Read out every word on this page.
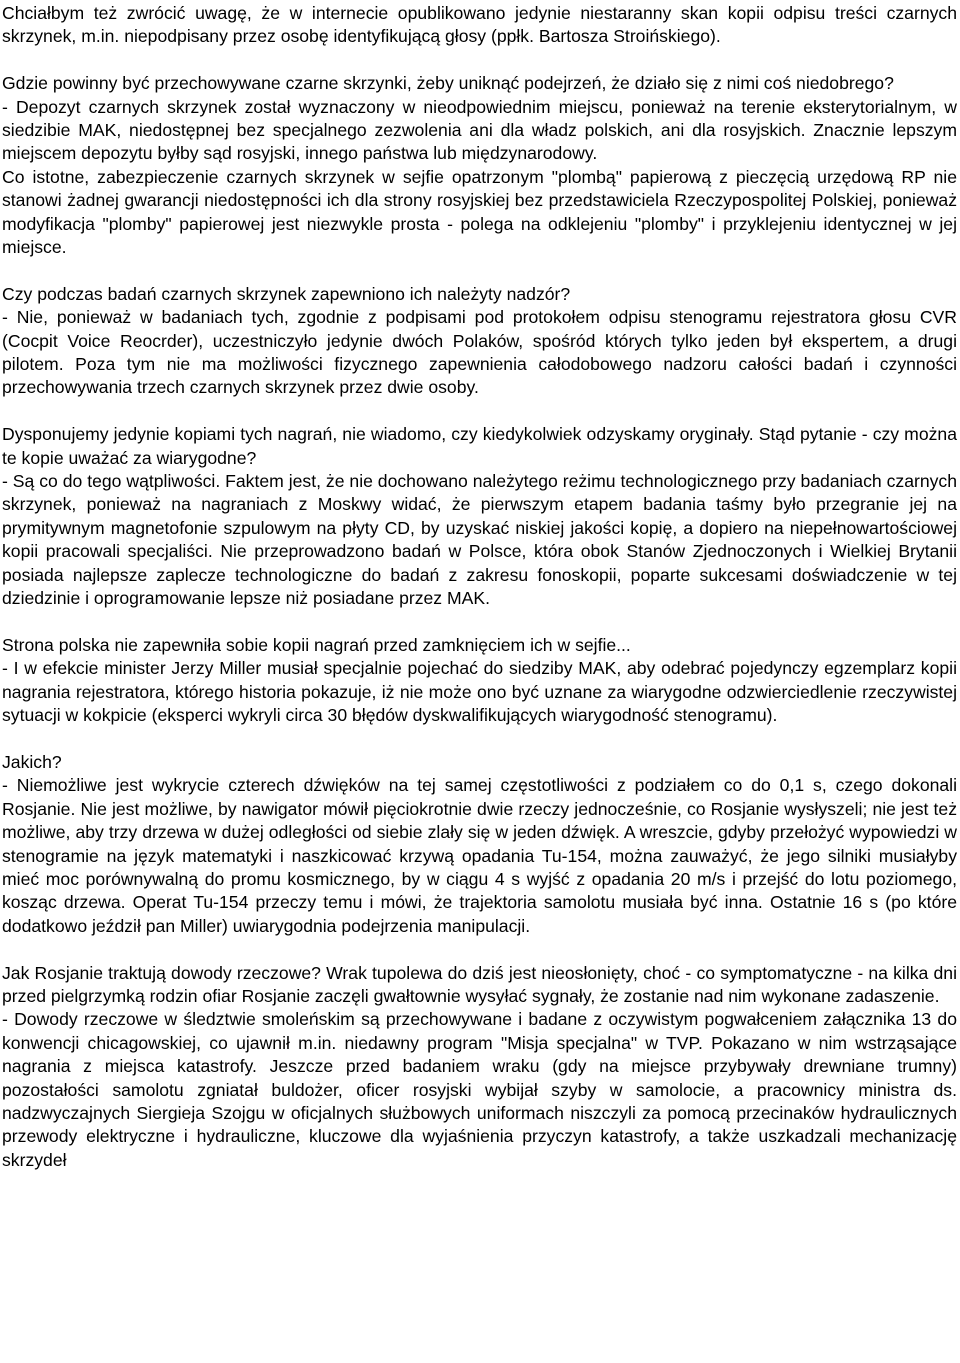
Chciałbym też zwrócić uwagę, że w internecie opublikowano jedynie niestaranny skan kopii odpisu treści czarnych skrzynek, m.in. niepodpisany przez osobę identyfikującą głosy (ppłk. Bartosza Stroińskiego).

Gdzie powinny być przechowywane czarne skrzynki, żeby uniknąć podejrzeń, że działo się z nimi coś niedobrego?

- Depozyt czarnych skrzynek został wyznaczony w nieodpowiednim miejscu, ponieważ na terenie eksterytorialnym, w siedzibie MAK, niedostępnej bez specjalnego zezwolenia ani dla władz polskich, ani dla rosyjskich. Znacznie lepszym miejscem depozytu byłby sąd rosyjski, innego państwa lub międzynarodowy.

Co istotne, zabezpieczenie czarnych skrzynek w sejfie opatrzonym "plombą" papierową z pieczęcią urzędową RP nie stanowi żadnej gwarancji niedostępności ich dla strony rosyjskiej bez przedstawiciela Rzeczypospolitej Polskiej, ponieważ modyfikacja "plomby" papierowej jest niezwykle prosta - polega na odklejeniu "plomby" i przyklejeniu identycznej w jej miejsce.

Czy podczas badań czarnych skrzynek zapewniono ich należyty nadzór?

- Nie, ponieważ w badaniach tych, zgodnie z podpisami pod protokołem odpisu stenogramu rejestratora głosu CVR (Cocpit Voice Reocrder), uczestniczyło jedynie dwóch Polaków, spośród których tylko jeden był ekspertem, a drugi pilotem. Poza tym nie ma możliwości fizycznego zapewnienia całodobowego nadzoru całości badań i czynności przechowywania trzech czarnych skrzynek przez dwie osoby.

Dysponujemy jedynie kopiami tych nagrań, nie wiadomo, czy kiedykolwiek odzyskamy oryginały. Stąd pytanie - czy można te kopie uważać za wiarygodne?

- Są co do tego wątpliwości. Faktem jest, że nie dochowano należytego reżimu technologicznego przy badaniach czarnych skrzynek, ponieważ na nagraniach z Moskwy widać, że pierwszym etapem badania taśmy było przegranie jej na prymitywnym magnetofonie szpulowym na płyty CD, by uzyskać niskiej jakości kopię, a dopiero na niepełnowartościowej kopii pracowali specjaliści. Nie przeprowadzono badań w Polsce, która obok Stanów Zjednoczonych i Wielkiej Brytanii posiada najlepsze zaplecze technologiczne do badań z zakresu fonoskopii, poparte sukcesami doświadczenie w tej dziedzinie i oprogramowanie lepsze niż posiadane przez MAK.

Strona polska nie zapewniła sobie kopii nagrań przed zamknięciem ich w sejfie...

- I w efekcie minister Jerzy Miller musiał specjalnie pojechać do siedziby MAK, aby odebrać pojedynczy egzemplarz kopii nagrania rejestratora, którego historia pokazuje, iż nie może ono być uznane za wiarygodne odzwierciedlenie rzeczywistej sytuacji w kokpicie (eksperci wykryli circa 30 błędów dyskwalifikujących wiarygodność stenogramu).

Jakich?

- Niemożliwe jest wykrycie czterech dźwięków na tej samej częstotliwości z podziałem co do 0,1 s, czego dokonali Rosjanie. Nie jest możliwe, by nawigator mówił pięciokrotnie dwie rzeczy jednocześnie, co Rosjanie wysłyszeli; nie jest też możliwe, aby trzy drzewa w dużej odległości od siebie zlały się w jeden dźwięk. A wreszcie, gdyby przełożyć wypowiedzi w stenogramie na język matematyki i naszkicować krzywą opadania Tu-154, można zauważyć, że jego silniki musiałyby mieć moc porównywalną do promu kosmicznego, by w ciągu 4 s wyjść z opadania 20 m/s i przejść do lotu poziomego, kosząc drzewa. Operat Tu-154 przeczy temu i mówi, że trajektoria samolotu musiała być inna. Ostatnie 16 s (po które dodatkowo jeździł pan Miller) uwiarygodnia podejrzenia manipulacji.

Jak Rosjanie traktują dowody rzeczowe? Wrak tupolewa do dziś jest nieosłonięty, choć - co symptomatyczne - na kilka dni przed pielgrzymką rodzin ofiar Rosjanie zaczęli gwałtownie wysyłać sygnały, że zostanie nad nim wykonane zadaszenie.

- Dowody rzeczowe w śledztwie smoleńskim są przechowywane i badane z oczywistym pogwałceniem załącznika 13 do konwencji chicagowskiej, co ujawnił m.in. niedawny program "Misja specjalna" w TVP. Pokazano w nim wstrząsające nagrania z miejsca katastrofy. Jeszcze przed badaniem wraku (gdy na miejsce przybywały drewniane trumny) pozostałości samolotu zgniatał buldożer, oficer rosyjski wybijał szyby w samolocie, a pracownicy ministra ds. nadzwyczajnych Siergieja Szojgu w oficjalnych służbowych uniformach niszczyli za pomocą przecinaków hydraulicznych przewody elektryczne i hydrauliczne, kluczowe dla wyjaśnienia przyczyn katastrofy, a także uszkadzali mechanizację skrzydeł
